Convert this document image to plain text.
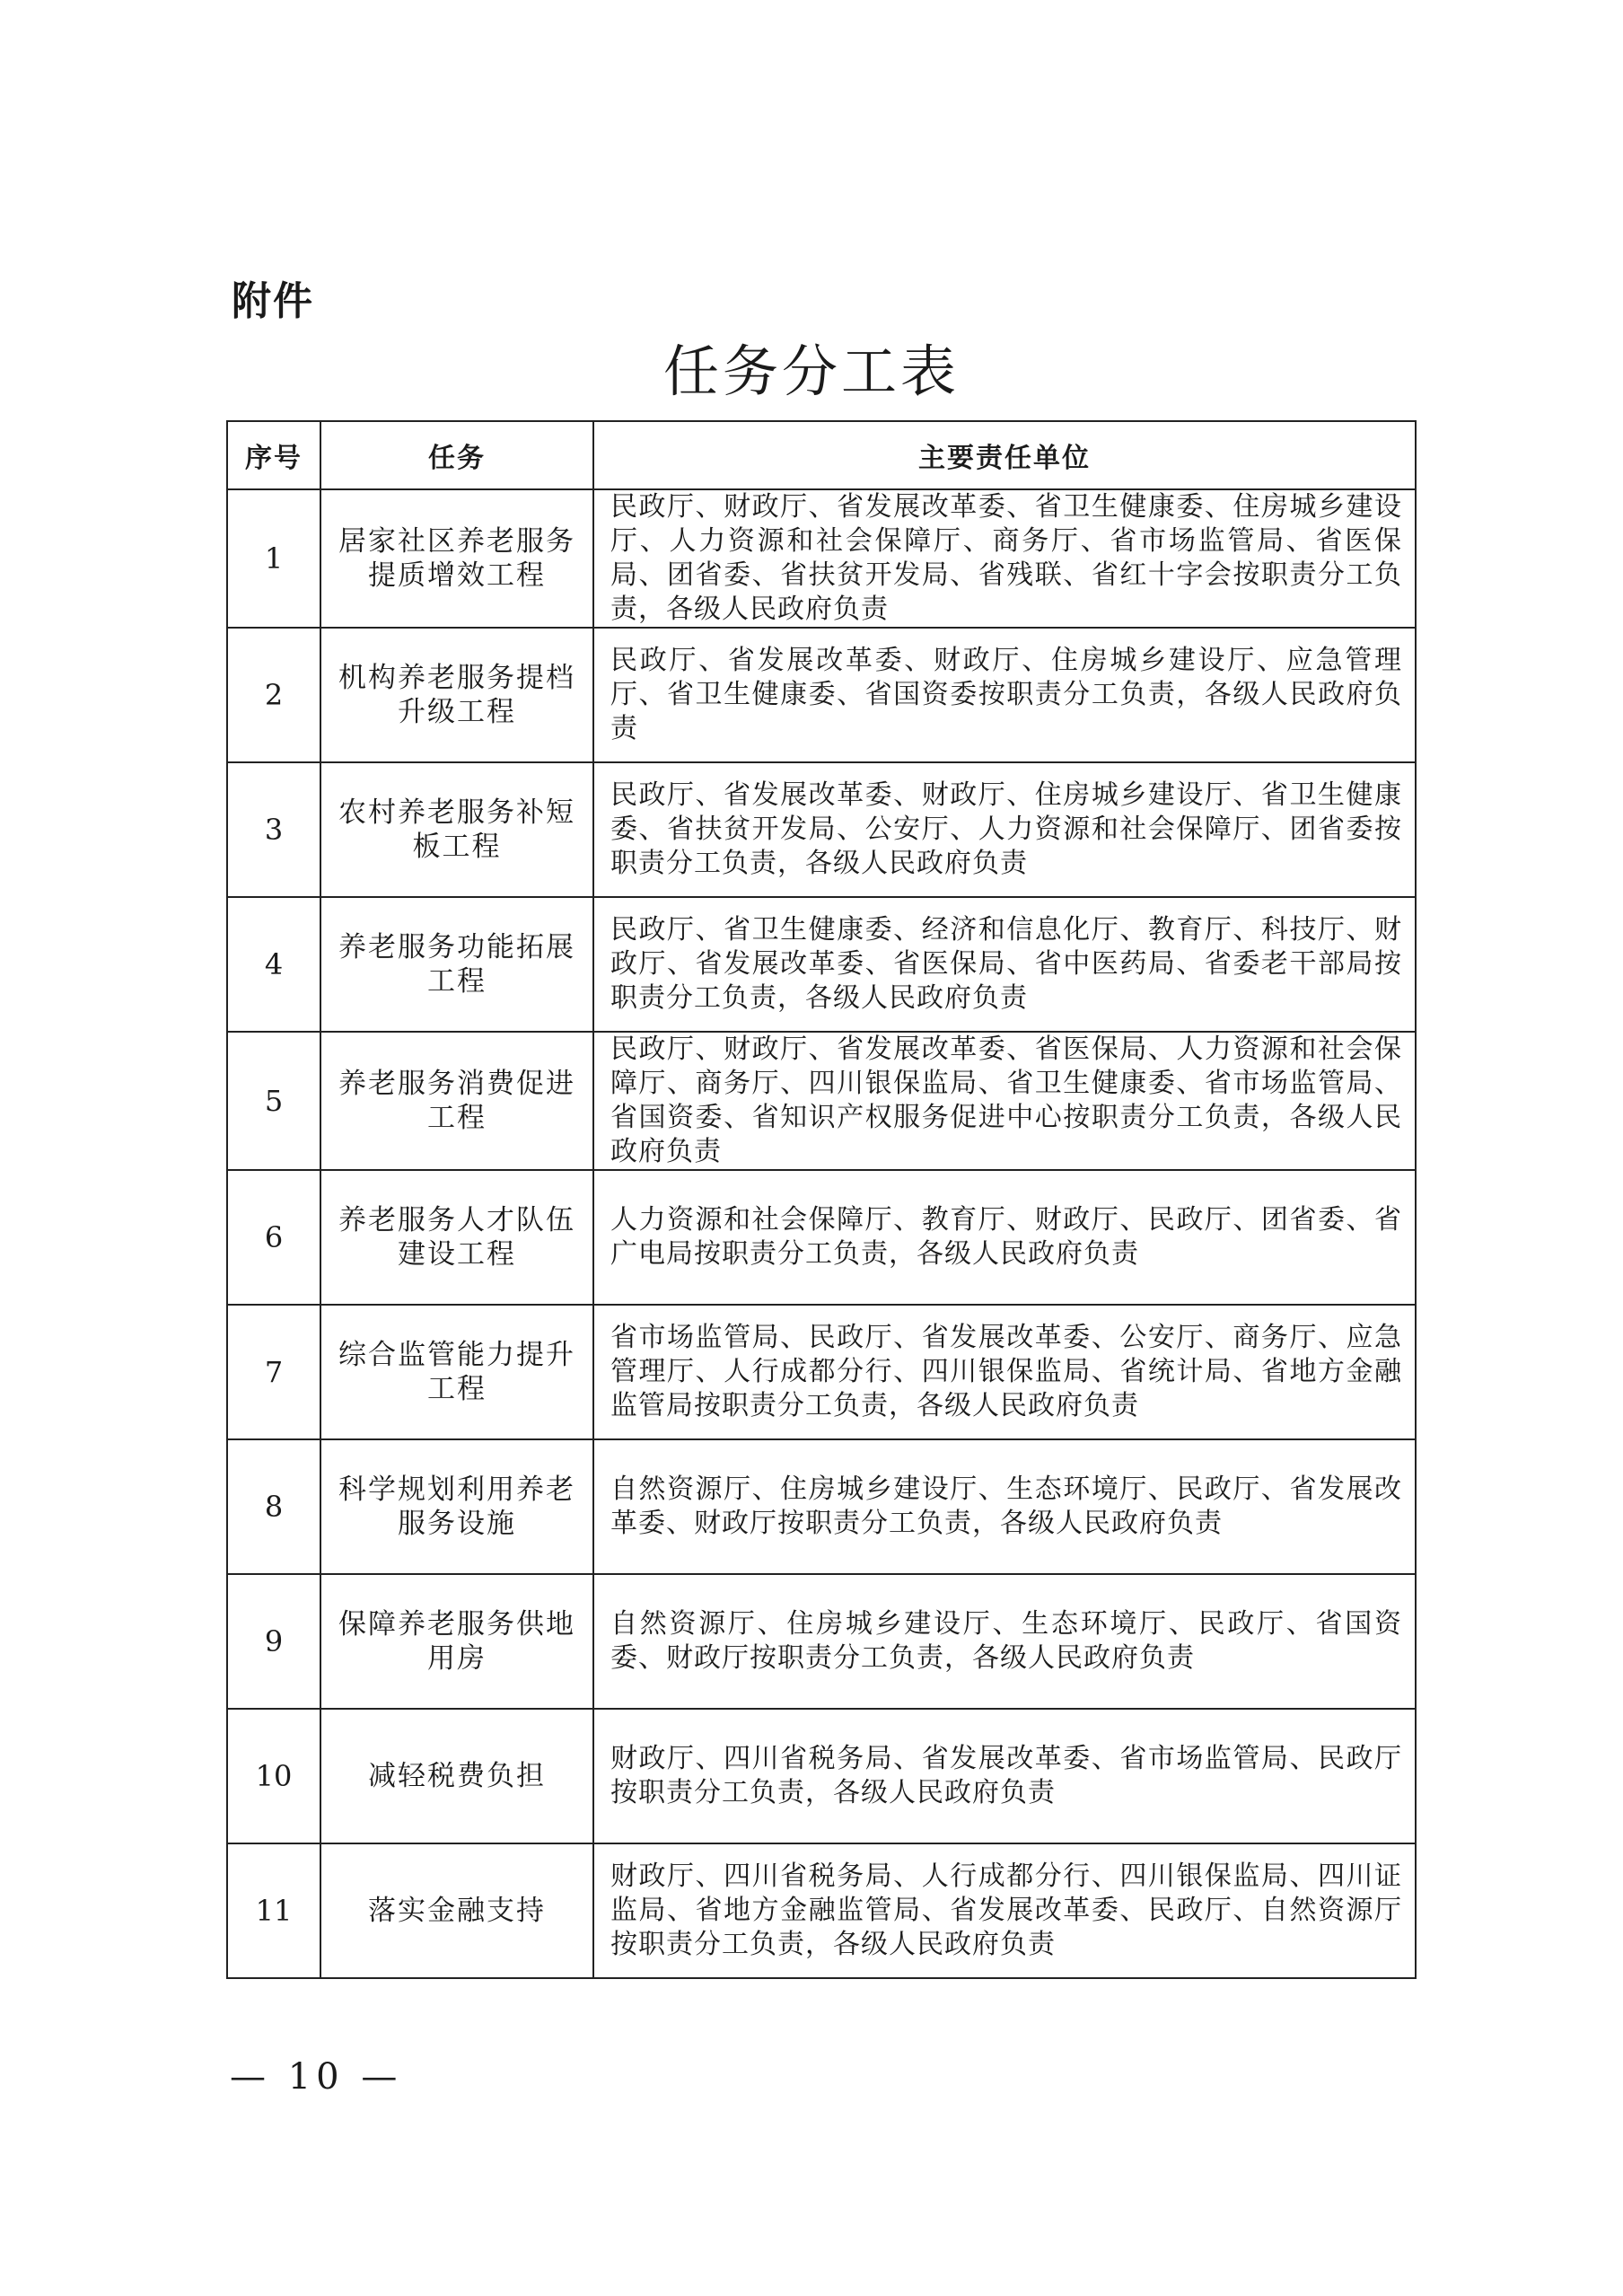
附件
任务分工表
序号	任务	主要责任单位
1	居家社区养老服务提质增效工程	民政厅、财政厅、省发展改革委、省卫生健康委、住房城乡建设厅、人力资源和社会保障厅、商务厅、省市场监管局、省医保局、团省委、省扶贫开发局、省残联、省红十字会按职责分工负责，各级人民政府负责
2	机构养老服务提档升级工程	民政厅、省发展改革委、财政厅、住房城乡建设厅、应急管理厅、省卫生健康委、省国资委按职责分工负责，各级人民政府负责
3	农村养老服务补短板工程	民政厅、省发展改革委、财政厅、住房城乡建设厅、省卫生健康委、省扶贫开发局、公安厅、人力资源和社会保障厅、团省委按职责分工负责，各级人民政府负责
4	养老服务功能拓展工程	民政厅、省卫生健康委、经济和信息化厅、教育厅、科技厅、财政厅、省发展改革委、省医保局、省中医药局、省委老干部局按职责分工负责，各级人民政府负责
5	养老服务消费促进工程	民政厅、财政厅、省发展改革委、省医保局、人力资源和社会保障厅、商务厅、四川银保监局、省卫生健康委、省市场监管局、省国资委、省知识产权服务促进中心按职责分工负责，各级人民政府负责
6	养老服务人才队伍建设工程	人力资源和社会保障厅、教育厅、财政厅、民政厅、团省委、省广电局按职责分工负责，各级人民政府负责
7	综合监管能力提升工程	省市场监管局、民政厅、省发展改革委、公安厅、商务厅、应急管理厅、人行成都分行、四川银保监局、省统计局、省地方金融监管局按职责分工负责，各级人民政府负责
8	科学规划利用养老服务设施	自然资源厅、住房城乡建设厅、生态环境厅、民政厅、省发展改革委、财政厅按职责分工负责，各级人民政府负责
9	保障养老服务供地用房	自然资源厅、住房城乡建设厅、生态环境厅、民政厅、省国资委、财政厅按职责分工负责，各级人民政府负责
10	减轻税费负担	财政厅、四川省税务局、省发展改革委、省市场监管局、民政厅按职责分工负责，各级人民政府负责
11	落实金融支持	财政厅、四川省税务局、人行成都分行、四川银保监局、四川证监局、省地方金融监管局、省发展改革委、民政厅、自然资源厅按职责分工负责，各级人民政府负责
— 10 —
